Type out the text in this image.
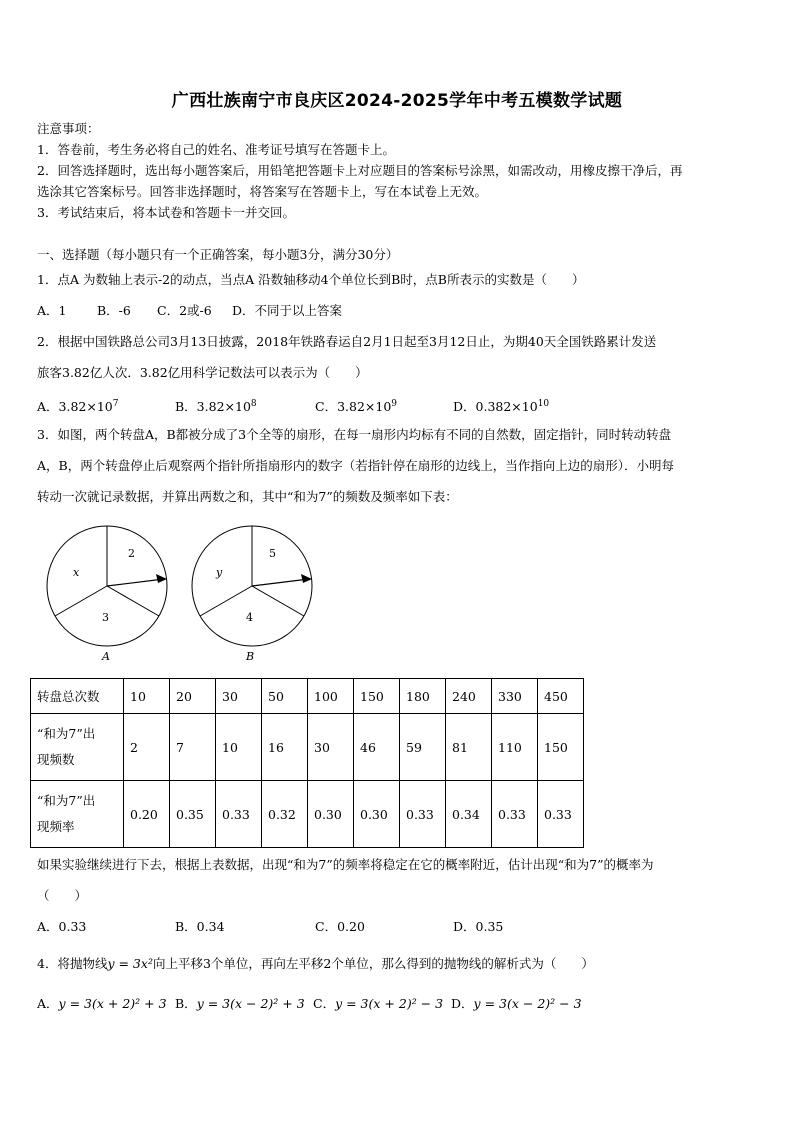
广西壮族南宁市良庆区2024-2025学年中考五模数学试题
注意事项：
1．答卷前，考生务必将自己的姓名、准考证号填写在答题卡上。
2．回答选择题时，选出每小题答案后，用铅笔把答题卡上对应题目的答案标号涂黑，如需改动，用橡皮擦干净后，再
选涂其它答案标号。回答非选择题时，将答案写在答题卡上，写在本试卷上无效。
3．考试结束后，将本试卷和答题卡一并交回。
一、选择题（每小题只有一个正确答案，每小题3分，满分30分）
1．点A 为数轴上表示-2的动点，当点A 沿数轴移动4个单位长到B时，点B所表示的实数是（　　）
A．1 B．-6 C．2或-6 D．不同于以上答案
2．根据中国铁路总公司3月13日披露，2018年铁路春运自2月1日起至3月12日止，为期40天全国铁路累计发送
旅客3.82亿人次．3.82亿用科学记数法可以表示为（　　）
A．$3.82\times 10^7$	B．$3.82\times 10^8$	C．$3.82\times 10^9$	D．$0.382\times 10^{10}$
3．如图，两个转盘A，B都被分成了3个全等的扇形，在每一扇形内均标有不同的自然数，固定指针，同时转动转盘
A，B，两个转盘停止后观察两个指针所指扇形内的数字（若指针停在扇形的边线上，当作指向上边的扇形）．小明每
转动一次就记录数据，并算出两数之和，其中“和为7”的频数及频率如下表：
2
x
3
A
5
y
4
B
转盘总次数	10	20	30	50	100	150	180	240	330	450

“和为7”出
现频数	2	7	10	16	30	46	59	81	110	150

“和为7”出
现频率	0.20	0.35	0.33	0.32	0.30	0.30	0.33	0.34	0.33	0.33
如果实验继续进行下去，根据上表数据，出现“和为7”的频率将稳定在它的概率附近，估计出现“和为7”的概率为
（　　）
A．0.33	B．0.34	C．0.20	D．0.35
4．将抛物线y = 3x²向上平移3个单位，再向左平移2个单位，那么得到的抛物线的解析式为（　　）
A．y = 3(x + 2)² + 3 B．y = 3(x − 2)² + 3 C．y = 3(x + 2)² − 3 D．y = 3(x − 2)² − 3
